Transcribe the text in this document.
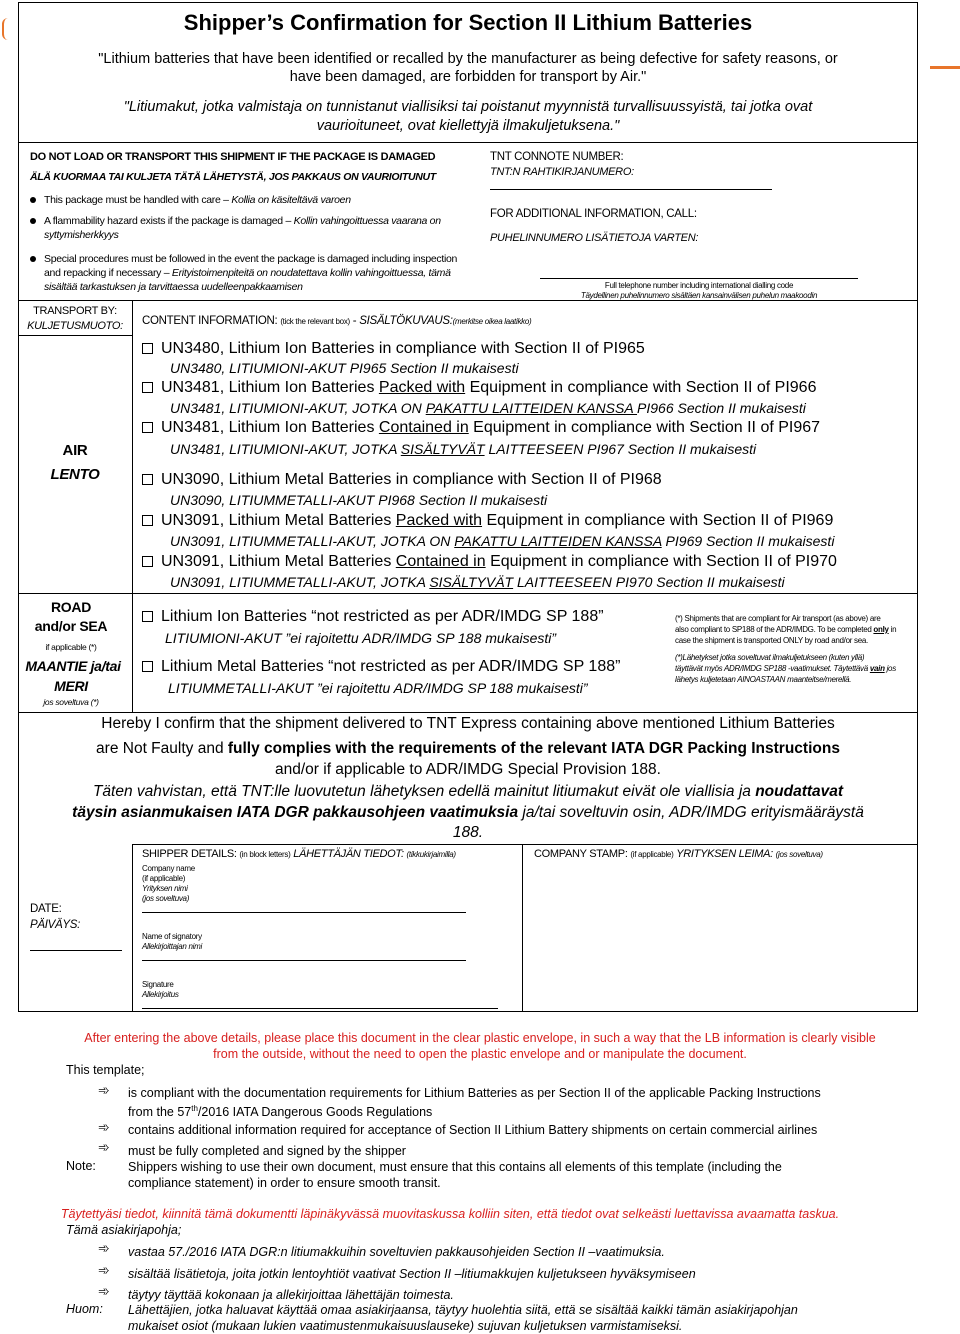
Shipper’s Confirmation for Section II Lithium Batteries
"Lithium batteries that have been identified or recalled by the manufacturer as being defective for safety reasons, or
have been damaged, are forbidden for transport by Air."
"Litiumakut, jotka valmistaja on tunnistanut viallisiksi tai poistanut myynnistä turvallisuussyistä, tai jotka ovat
vaurioituneet, ovat kiellettyjä ilmakuljetuksena."
DO NOT LOAD OR TRANSPORT THIS SHIPMENT IF THE PACKAGE IS DAMAGED
ÄLÄ KUORMAA TAI KULJETA TÄTÄ LÄHETYSTÄ, JOS PAKKAUS ON VAURIOITUNUT
This package must be handled with care – Kollia on käsiteltävä varoen
A flammability hazard exists if the package is damaged – Kollin vahingoittuessa vaarana on syttymisherkkyys
Special procedures must be followed in the event the package is damaged including inspection and repacking if necessary – Erityistoimenpiteitä on noudatettava kollin vahingoittuessa, tämä sisältää tarkastuksen ja tarvittaessa uudelleenpakkaamisen
TNT CONNOTE NUMBER:
TNT:N RAHTIKIRJANUMERO:
FOR ADDITIONAL INFORMATION, CALL:
PUHELINNUMERO LISÄTIETOJA VARTEN:
Full telephone number including international dialling code
Täydellinen puhelinnumero sisältäen kansainvälisen puhelun maakoodin
TRANSPORT BY:
KULJETUSMUOTO:
AIR
LENTO
ROAD
and/or SEA
if applicable (*)
MAANTIE ja/tai
MERI
jos soveltuva (*)
CONTENT INFORMATION: (tick the relevant box) - SISÄLTÖKUVAUS:(merkitse oikea laatikko)
UN3480, Lithium Ion Batteries in compliance with Section II of PI965
UN3480, LITIUMIONI-AKUT PI965 Section II mukaisesti
UN3481, Lithium Ion Batteries Packed with Equipment in compliance with Section II of PI966
UN3481, LITIUMIONI-AKUT, JOTKA ON PAKATTU LAITTEIDEN KANSSA PI966 Section II mukaisesti
UN3481, Lithium Ion Batteries Contained in Equipment in compliance with Section II of PI967
UN3481, LITIUMIONI-AKUT, JOTKA SISÄLTYVÄT LAITTEESEEN PI967 Section II mukaisesti
UN3090, Lithium Metal Batteries in compliance with Section II of PI968
UN3090, LITIUMMETALLI-AKUT PI968 Section II mukaisesti
UN3091, Lithium Metal Batteries Packed with Equipment in compliance with Section II of PI969
UN3091, LITIUMMETALLI-AKUT, JOTKA ON PAKATTU LAITTEIDEN KANSSA PI969 Section II mukaisesti
UN3091, Lithium Metal Batteries Contained in Equipment in compliance with Section II of PI970
UN3091, LITIUMMETALLI-AKUT, JOTKA SISÄLTYVÄT LAITTEESEEN PI970 Section II mukaisesti
Lithium Ion Batteries “not restricted as per ADR/IMDG SP 188”
LITIUMIONI-AKUT ”ei rajoitettu ADR/IMDG SP 188 mukaisesti”
Lithium Metal Batteries “not restricted as per ADR/IMDG SP 188”
LITIUMMETALLI-AKUT ”ei rajoitettu ADR/IMDG SP 188 mukaisesti”
(*) Shipments that are compliant for Air transport (as above) are
also compliant to SP188 of the ADR/IMDG. To be completed only in
case the shipment is transported ONLY by road and/or sea.
(*)Lähetykset jotka soveltuvat ilmakuljetukseen (kuten yllä)
täyttävät myös ADR/IMDG SP188 -vaatimukset. Täytettävä vain jos
lähetys kuljetetaan AINOASTAAN maanteitse/merellä.
Hereby I confirm that the shipment delivered to TNT Express containing above mentioned Lithium Batteries
are Not Faulty and fully complies with the requirements of the relevant IATA DGR Packing Instructions
and/or if applicable to ADR/IMDG Special Provision 188.
Täten vahvistan, että TNT:lle luovutetun lähetyksen edellä mainitut litiumakut eivät ole viallisia ja noudattavat
täysin asianmukaisen IATA DGR pakkausohjeen vaatimuksia ja/tai soveltuvin osin, ADR/IMDG erityismääräystä
188.
DATE:
PÄIVÄYS:
SHIPPER DETAILS: (in block letters) LÄHETTÄJÄN TIEDOT: (tikkukirjaimilla)
Company name
(if applicable)
Yrityksen nimi
(jos soveltuva)
Name of signatory
Allekirjoittajan nimi
Signature
Allekirjoitus
COMPANY STAMP: (if applicable) YRITYKSEN LEIMA: (jos soveltuva)
After entering the above details, please place this document in the clear plastic envelope, in such a way that the LB information is clearly visible
from the outside, without the need to open the plastic envelope and or manipulate the document.
This template;
➾ is compliant with the documentation requirements for Lithium Batteries as per Section II of the applicable Packing Instructions
from the 57th/2016 IATA Dangerous Goods Regulations
➾ contains additional information required for acceptance of Section II Lithium Battery shipments on certain commercial airlines
➾ must be fully completed and signed by the shipper
Note:	Shippers wishing to use their own document, must ensure that this contains all elements of this template (including the
compliance statement) in order to ensure smooth transit.
Täytettyäsi tiedot, kiinnitä tämä dokumentti läpinäkyvässä muovitaskussa kolliin siten, että tiedot ovat selkeästi luettavissa avaamatta taskua.
Tämä asiakirjapohja;
➾ vastaa 57./2016 IATA DGR:n litiumakkuihin soveltuvien pakkausohjeiden Section II –vaatimuksia.
➾ sisältää lisätietoja, joita jotkin lentoyhtiöt vaativat Section II –litiumakkujen kuljetukseen hyväksymiseen
➾ täytyy täyttää kokonaan ja allekirjoittaa lähettäjän toimesta.
Huom: Lähettäjien, jotka haluavat käyttää omaa asiakirjaansa, täytyy huolehtia siitä, että se sisältää kaikki tämän asiakirjapohjan
mukaiset osiot (mukaan lukien vaatimustenmukaisuuslauseke) sujuvan kuljetuksen varmistamiseksi.
